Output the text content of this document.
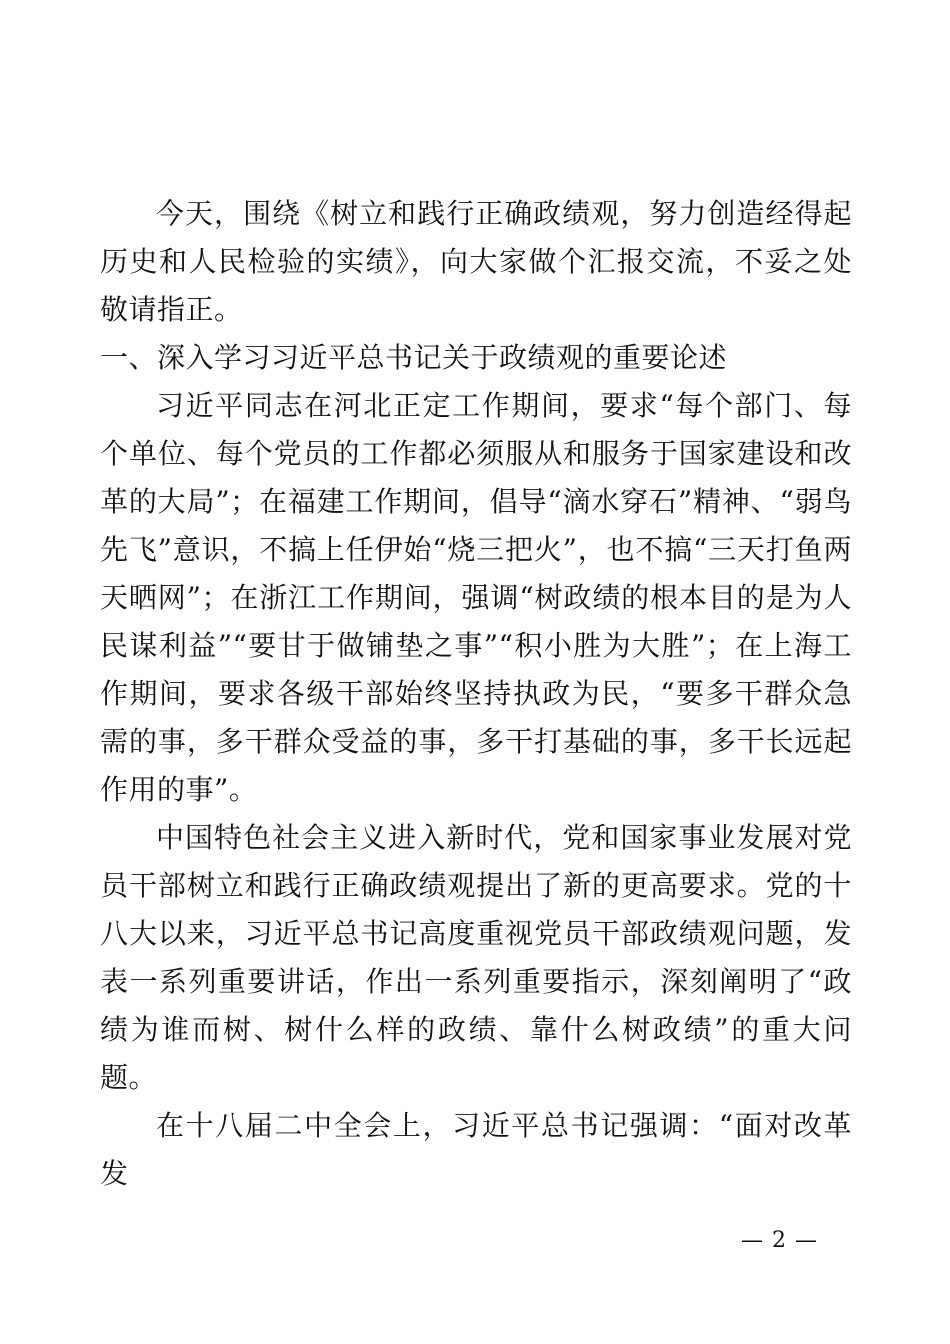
今天，围绕《树立和践行正确政绩观，努力创造经得起历史和人民检验的实绩》，向大家做个汇报交流，不妥之处敬请指正。

一、深入学习习近平总书记关于政绩观的重要论述

习近平同志在河北正定工作期间，要求“每个部门、每个单位、每个党员的工作都必须服从和服务于国家建设和改革的大局”；在福建工作期间，倡导“滴水穿石”精神、“弱鸟先飞”意识，不搞上任伊始“烧三把火”，也不搞“三天打鱼两天晒网”；在浙江工作期间，强调“树政绩的根本目的是为人民谋利益”“要甘于做铺垫之事”“积小胜为大胜”；在上海工作期间，要求各级干部始终坚持执政为民，“要多干群众急需的事，多干群众受益的事，多干打基础的事，多干长远起作用的事”。

中国特色社会主义进入新时代，党和国家事业发展对党员干部树立和践行正确政绩观提出了新的更高要求。党的十八大以来，习近平总书记高度重视党员干部政绩观问题，发表一系列重要讲话，作出一系列重要指示，深刻阐明了“政绩为谁而树、树什么样的政绩、靠什么树政绩”的重大问题。

在十八届二中全会上，习近平总书记强调：“面对改革发

— 2 —
